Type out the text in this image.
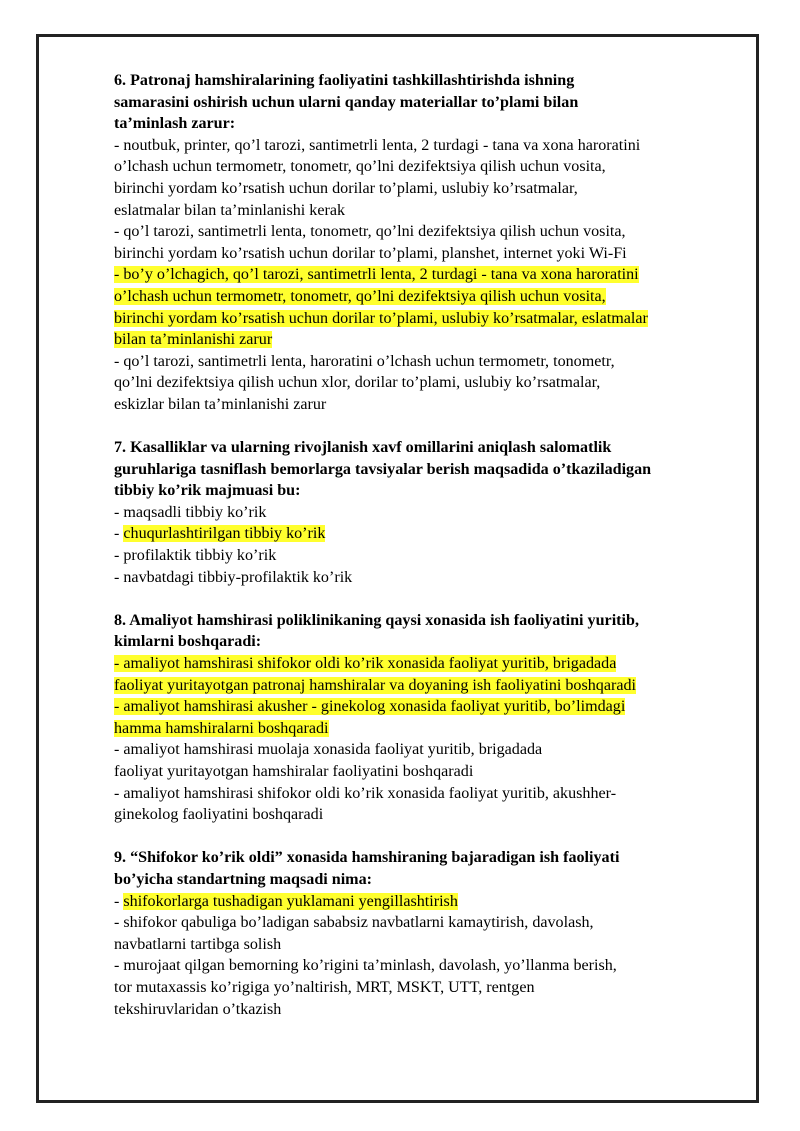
6. Patronaj hamshiralarining faoliyatini tashkillashtirishda ishning
samarasini oshirish uchun ularni qanday materiallar to’plami bilan
ta’minlash zarur:
- noutbuk, printer, qo’l tarozi, santimetrli lenta, 2 turdagi - tana va xona haroratini
o’lchash uchun termometr, tonometr, qo’lni dezifektsiya qilish uchun vosita,
birinchi yordam ko’rsatish uchun dorilar to’plami, uslubiy ko’rsatmalar,
eslatmalar bilan ta’minlanishi kerak
- qo’l tarozi, santimetrli lenta, tonometr, qo’lni dezifektsiya qilish uchun vosita,
birinchi yordam ko’rsatish uchun dorilar to’plami, planshet, internet yoki Wi-Fi
- bo’y o’lchagich, qo’l tarozi, santimetrli lenta, 2 turdagi - tana va xona haroratini
o’lchash uchun termometr, tonometr, qo’lni dezifektsiya qilish uchun vosita,
birinchi yordam ko’rsatish uchun dorilar to’plami, uslubiy ko’rsatmalar, eslatmalar
bilan ta’minlanishi zarur
- qo’l tarozi, santimetrli lenta, haroratini o’lchash uchun termometr, tonometr,
qo’lni dezifektsiya qilish uchun xlor, dorilar to’plami, uslubiy ko’rsatmalar,
eskizlar bilan ta’minlanishi zarur
7. Kasalliklar va ularning rivojlanish xavf omillarini aniqlash salomatlik
guruhlariga tasniflash bemorlarga tavsiyalar berish maqsadida o’tkaziladigan
tibbiy ko’rik majmuasi bu:
- maqsadli tibbiy ko’rik
- chuqurlashtirilgan tibbiy ko’rik
- profilaktik tibbiy ko’rik
- navbatdagi tibbiy-profilaktik ko’rik
8. Amaliyot hamshirasi poliklinikaning qaysi xonasida ish faoliyatini yuritib,
kimlarni boshqaradi:
- amaliyot hamshirasi shifokor oldi ko’rik xonasida faoliyat yuritib, brigadada
faoliyat yuritayotgan patronaj hamshiralar va doyaning ish faoliyatini boshqaradi
- amaliyot hamshirasi akusher - ginekolog xonasida faoliyat yuritib, bo’limdagi
hamma hamshiralarni boshqaradi
- amaliyot hamshirasi muolaja xonasida faoliyat yuritib, brigadada
faoliyat yuritayotgan hamshiralar faoliyatini boshqaradi
- amaliyot hamshirasi shifokor oldi ko’rik xonasida faoliyat yuritib, akushher-
ginekolog faoliyatini boshqaradi
9. “Shifokor ko’rik oldi” xonasida hamshiraning bajaradigan ish faoliyati
bo’yicha standartning maqsadi nima:
- shifokorlarga tushadigan yuklamani yengillashtirish
- shifokor qabuliga bo’ladigan sababsiz navbatlarni kamaytirish, davolash,
navbatlarni tartibga solish
- murojaat qilgan bemorning ko’rigini ta’minlash, davolash, yo’llanma berish,
tor mutaxassis ko’rigiga yo’naltirish, MRT, MSKT, UTT, rentgen
tekshiruvlaridan o’tkazish
